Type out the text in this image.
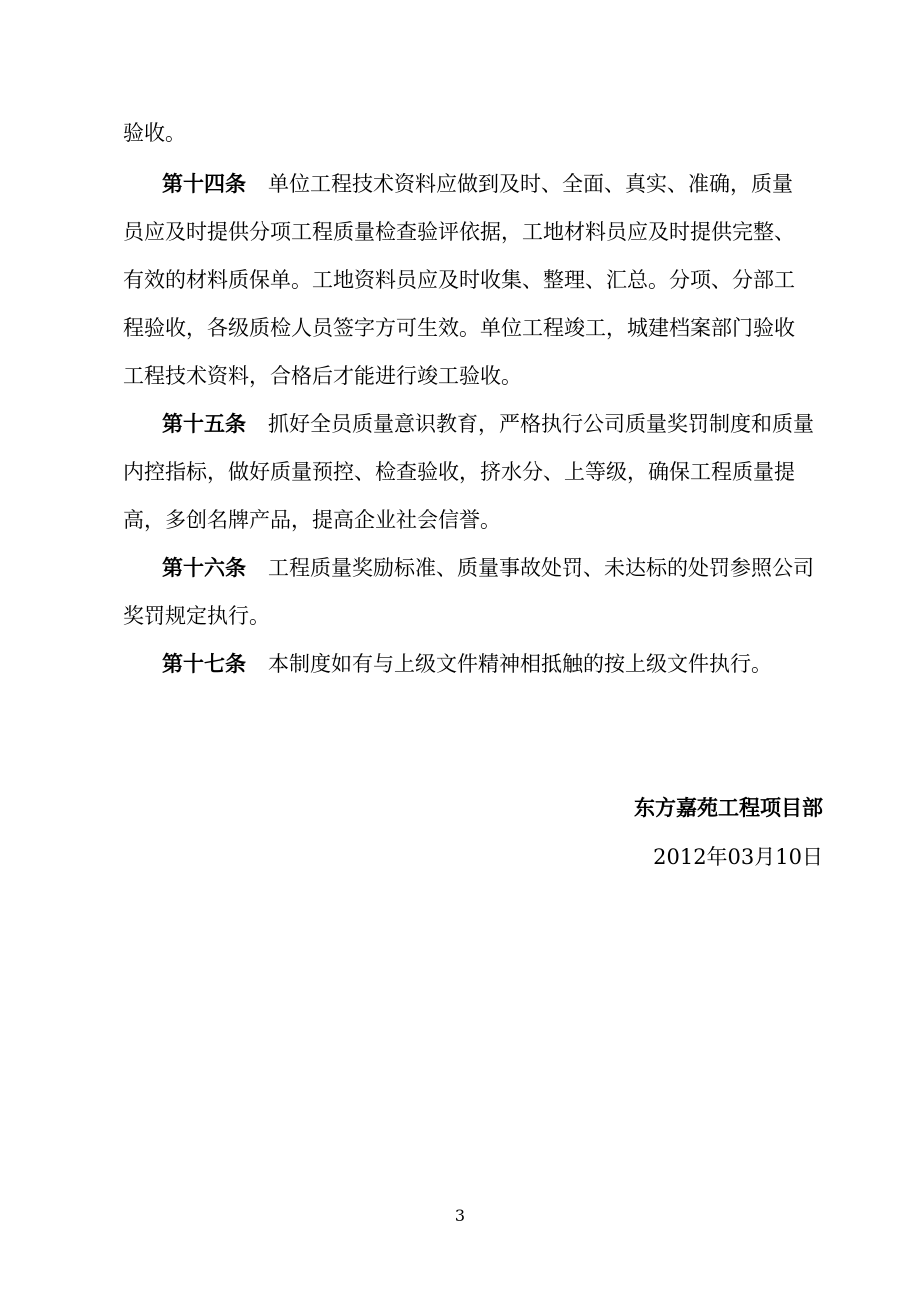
验收。
第十四条 单位工程技术资料应做到及时、全面、真实、准确，质量
员应及时提供分项工程质量检查验评依据，工地材料员应及时提供完整、
有效的材料质保单。工地资料员应及时收集、整理、汇总。分项、分部工
程验收，各级质检人员签字方可生效。单位工程竣工，城建档案部门验收
工程技术资料，合格后才能进行竣工验收。
第十五条 抓好全员质量意识教育，严格执行公司质量奖罚制度和质量
内控指标，做好质量预控、检查验收，挤水分、上等级，确保工程质量提
高，多创名牌产品，提高企业社会信誉。
第十六条 工程质量奖励标准、质量事故处罚、未达标的处罚参照公司
奖罚规定执行。
第十七条 本制度如有与上级文件精神相抵触的按上级文件执行。
东方嘉苑工程项目部
2012年03月10日
3
